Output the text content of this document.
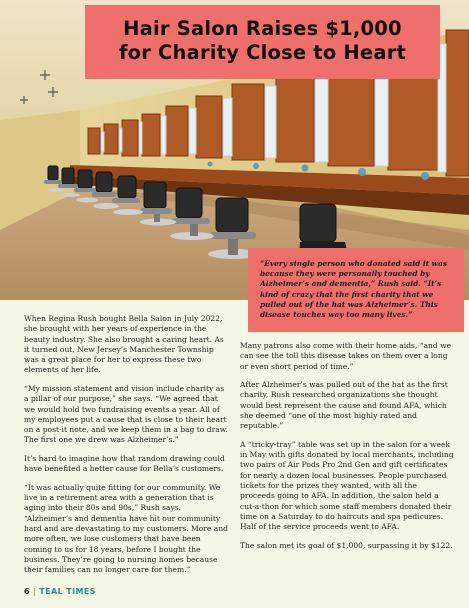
Hair Salon Raises $1,000
for Charity Close to Heart
“Every single person who donated said it was because they were personally touched by Alzheimer’s and dementia,” Rush said. “It’s kind of crazy that the first charity that we pulled out of the hat was Alzheimer’s. This disease touches way too many lives.”

When Regina Rush bought Bella Salon in July 2022, she brought with her years of experience in the beauty industry. She also brought a caring heart. As it turned out, New Jersey’s Manchester Township was a great place for her to express these two elements of her life.

“My mission statement and vision include charity as a pillar of our purpose,” she says. “We agreed that we would hold two fundraising events a year. All of my employees put a cause that is close to their heart on a post-it note, and we keep them in a bag to draw. The first one we drew was Alzheimer’s.”

It’s hard to imagine how that random drawing could have benefited a better cause for Bella’s customers.

“It was actually quite fitting for our community. We live in a retirement area with a generation that is aging into their 80s and 90s,” Rush says. “Alzheimer’s and dementia have hit our community hard and are devastating to my customers. More and more often, we lose customers that have been coming to us for 18 years, before I bought the business. They’re going to nursing homes because their families can no longer care for them.”

Many patrons also come with their home aids, “and we can see the toll this disease takes on them over a long or even short period of time.”

After Alzheimer’s was pulled out of the hat as the first charity, Rush researched organizations she thought would best represent the cause and found AFA, which she deemed “one of the most highly rated and reputable.”

A “tricky-tray” table was set up in the salon for a week in May with gifts donated by local merchants, including two pairs of Air Pods Pro 2nd Gen and gift certificates for nearly a dozen local businesses. People purchased tickets for the prizes they wanted, with all the proceeds going to AFA. In addition, the salon held a cut-a-thon for which some staff members donated their time on a Saturday to do haircuts and spa pedicures. Half of the service proceeds went to AFA.

The salon met its goal of $1,000, surpassing it by $122.

6 | TEAL TIMES
